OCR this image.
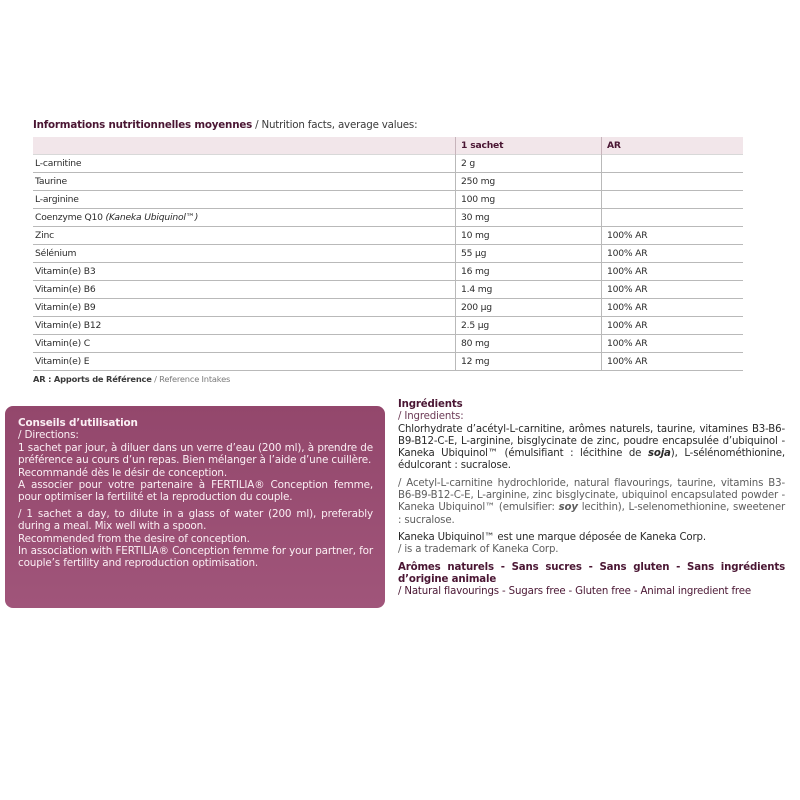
Informations nutritionnelles moyennes / Nutrition facts, average values:
	1 sachet	AR
L-carnitine	2 g	
Taurine	250 mg	
L-arginine	100 mg	
Coenzyme Q10 (Kaneka Ubiquinol™)	30 mg	
Zinc	10 mg	100% AR
Sélénium	55 µg	100% AR
Vitamin(e) B3	16 mg	100% AR
Vitamin(e) B6	1.4 mg	100% AR
Vitamin(e) B9	200 µg	100% AR
Vitamin(e) B12	2.5 µg	100% AR
Vitamin(e) C	80 mg	100% AR
Vitamin(e) E	12 mg	100% AR
AR : Apports de Référence / Reference Intakes

Conseils d’utilisation

/ Directions:

1 sachet par jour, à diluer dans un verre d’eau (200 ml), à prendre de préférence au cours d’un repas. Bien mélanger à l’aide d’une cuillère.

Recommandé dès le désir de conception.

A associer pour votre partenaire à FERTILIA® Conception femme, pour optimiser la fertilité et la reproduction du couple.

/ 1 sachet a day, to dilute in a glass of water (200 ml), preferably during a meal. Mix well with a spoon.

Recommended from the desire of conception.

In association with FERTILIA® Conception femme for your partner, for couple’s fertility and reproduction optimisation.

Ingrédients

/ Ingredients:

Chlorhydrate d’acétyl-L-carnitine, arômes naturels, taurine, vitamines B3-B6-B9-B12-C-E, L-arginine, bisglycinate de zinc, poudre encapsulée d’ubiquinol - Kaneka Ubiquinol™ (émulsifiant : lécithine de soja), L-sélénométhionine, édulcorant : sucralose.

/ Acetyl-L-carnitine hydrochloride, natural flavourings, taurine, vitamins B3-B6-B9-B12-C-E, L-arginine, zinc bisglycinate, ubiquinol encapsulated powder - Kaneka Ubiquinol™ (emulsifier: soy lecithin), L-selenomethionine, sweetener : sucralose.

Kaneka Ubiquinol™ est une marque déposée de Kaneka Corp.

/ is a trademark of Kaneka Corp.

Arômes naturels - Sans sucres - Sans gluten - Sans ingrédients d’origine animale

/ Natural flavourings - Sugars free - Gluten free - Animal ingredient free
